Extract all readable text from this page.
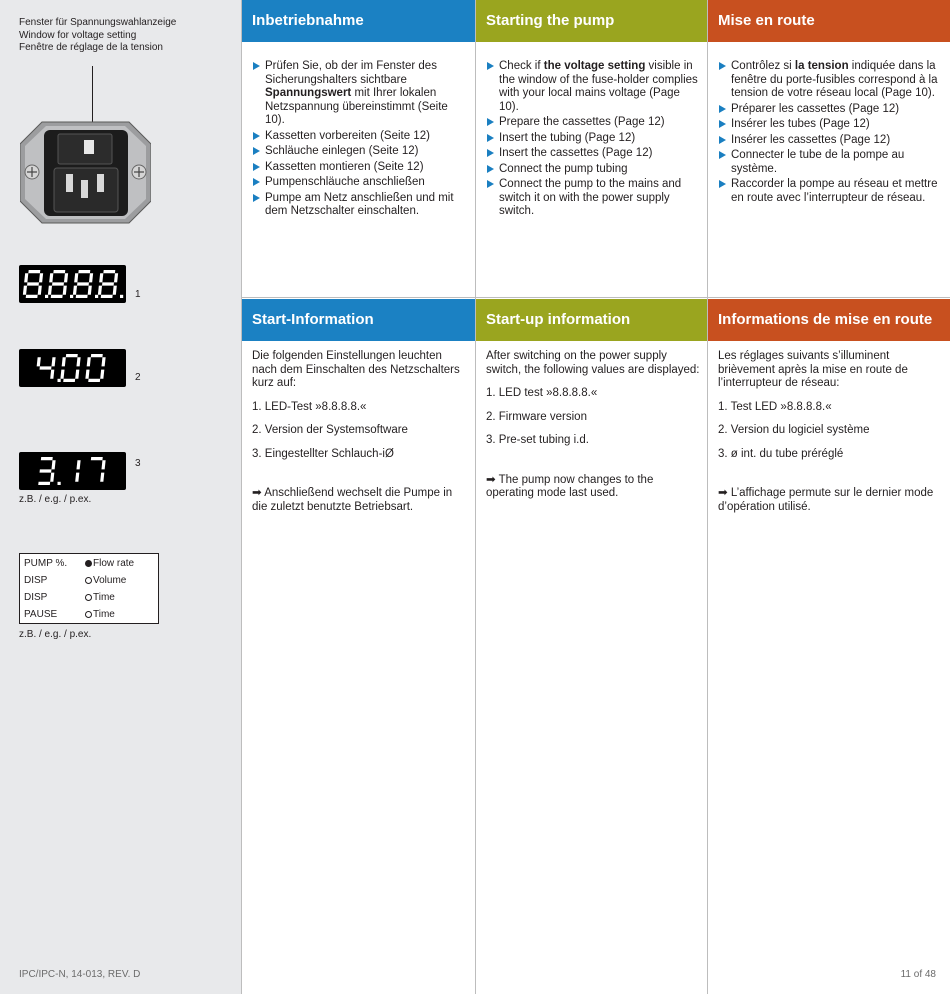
Fenster für Spannungswahlanzeige
Window for voltage setting
Fenêtre de réglage de la tension
1
2
3
z.B. / e.g. / p.ex.
PUMP %.	Flow rate
DISP	Volume
DISP	Time
PAUSE	Time
z.B. / e.g. / p.ex.
IPC/IPC-N, 14-013, REV. D
Inbetriebnahme
Prüfen Sie, ob der im Fenster des Sicherungshalters sichtbare Spannungswert mit Ihrer lokalen Netzspannung übereinstimmt (Seite 10).
Kassetten vorbereiten (Seite 12)
Schläuche einlegen (Seite 12)
Kassetten montieren (Seite 12)
Pumpenschläuche anschließen
Pumpe am Netz anschließen und mit dem Netzschalter einschalten.
Start-Information
Die folgenden Einstellungen leuchten nach dem Einschalten des Netzschalters kurz auf:
1. LED-Test »8.8.8.8.«
2. Version der Systemsoftware
3. Eingestellter Schlauch-iØ
➡ Anschließend wechselt die Pumpe in die zuletzt benutzte Betriebsart.
Starting the pump
Check if the voltage setting visible in the window of the fuse-holder complies with your local mains voltage (Page 10).
Prepare the cassettes (Page 12)
Insert the tubing (Page 12)
Insert the cassettes (Page 12)
Connect the pump tubing
Connect the pump to the mains and switch it on with the power supply switch.
Start-up information
After switching on the power supply switch, the following values are displayed:
1. LED test »8.8.8.8.«
2. Firmware version
3. Pre-set tubing i.d.
➡ The pump now changes to the operating mode last used.
Mise en route
Contrôlez si la tension indiquée dans la fenêtre du porte-fusibles correspond à la tension de votre réseau local (Page 10).
Préparer les cassettes (Page 12)
Insérer les tubes (Page 12)
Insérer les cassettes (Page 12)
Connecter le tube de la pompe au système.
Raccorder la pompe au réseau et mettre en route avec l’interrupteur de réseau.
Informations de mise en route
Les réglages suivants s’illuminent brièvement après la mise en route de l’interrupteur de réseau:
1. Test LED »8.8.8.8.«
2. Version du logiciel système
3. ø int. du tube préréglé
➡ L’affichage permute sur le dernier mode d’opération utilisé.
11 of 48
